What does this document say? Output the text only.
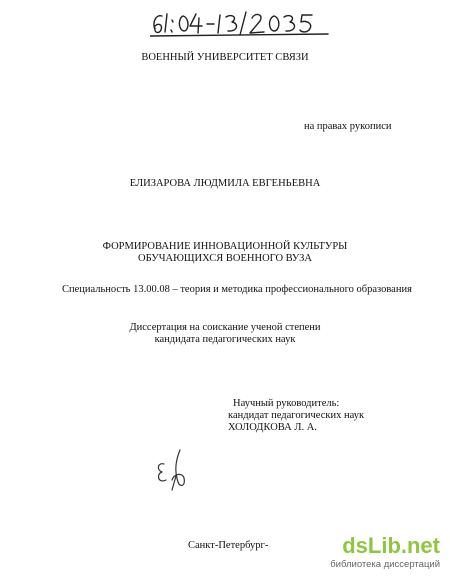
ВОЕННЫЙ УНИВЕРСИТЕТ СВЯЗИ
на правах рукописи
ЕЛИЗАРОВА ЛЮДМИЛА ЕВГЕНЬЕВНА
ФОРМИРОВАНИЕ ИННОВАЦИОННОЙ КУЛЬТУРЫ
ОБУЧАЮЩИХСЯ ВОЕННОГО ВУЗА
Специальность 13.00.08 – теория и методика профессионального образования
Диссертация на соискание ученой степени
кандидата педагогических наук
Научный руководитель:
кандидат педагогических наук
ХОЛОДКОВА Л. А.
Санкт-Петербург-	dsLib.net
библиотека диссертаций
